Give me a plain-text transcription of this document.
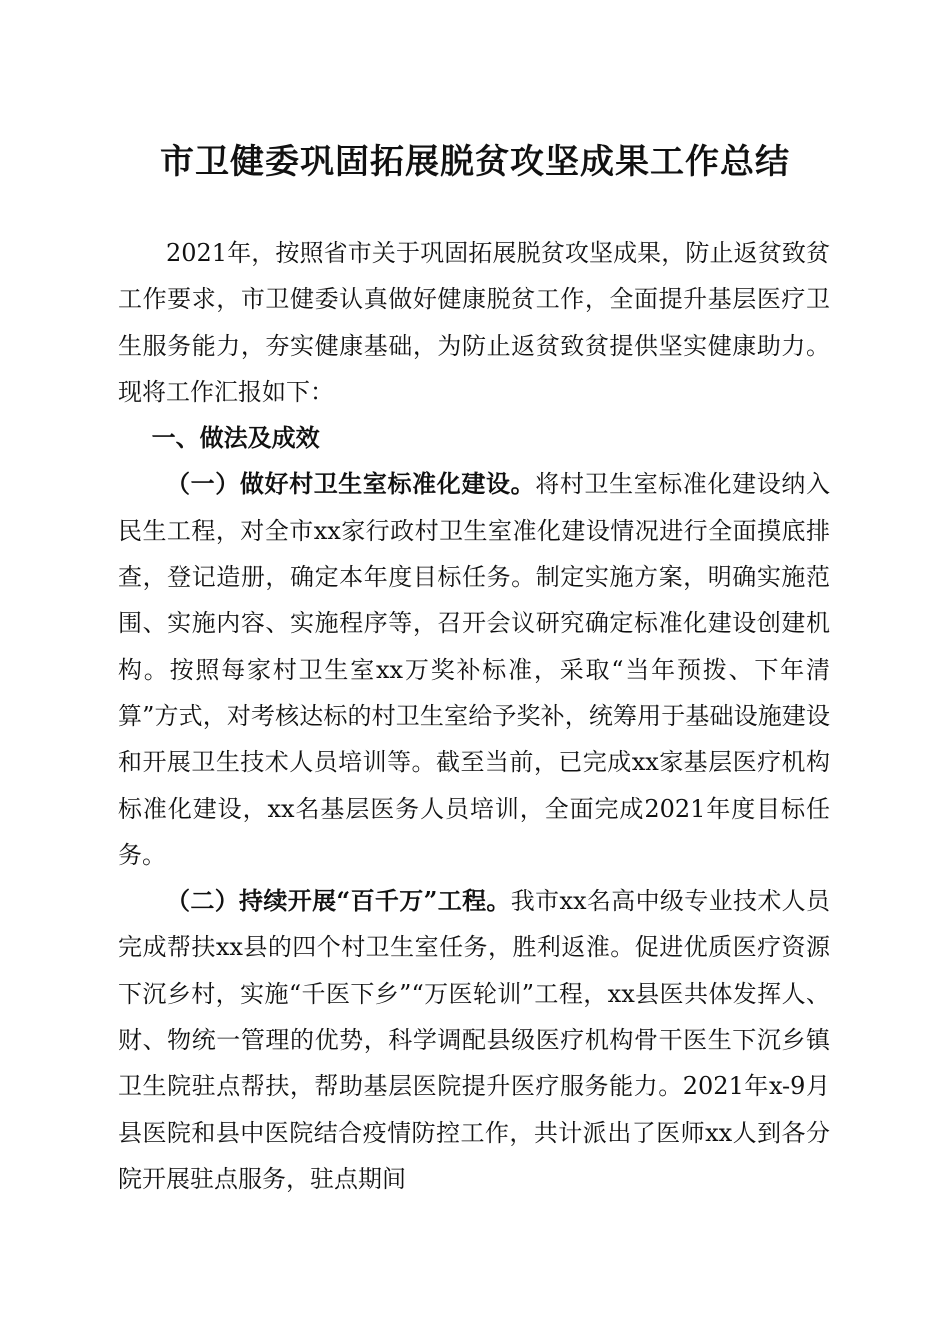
市卫健委巩固拓展脱贫攻坚成果工作总结

2021年，按照省市关于巩固拓展脱贫攻坚成果，防止返贫致贫工作要求，市卫健委认真做好健康脱贫工作，全面提升基层医疗卫生服务能力，夯实健康基础，为防止返贫致贫提供坚实健康助力。现将工作汇报如下：

一、做法及成效

（一）做好村卫生室标准化建设。将村卫生室标准化建设纳入民生工程，对全市xx家行政村卫生室准化建设情况进行全面摸底排查，登记造册，确定本年度目标任务。制定实施方案，明确实施范围、实施内容、实施程序等，召开会议研究确定标准化建设创建机构。按照每家村卫生室xx万奖补标准，采取“当年预拨、下年清算”方式，对考核达标的村卫生室给予奖补，统筹用于基础设施建设和开展卫生技术人员培训等。截至当前，已完成xx家基层医疗机构标准化建设，xx名基层医务人员培训，全面完成2021年度目标任务。

（二）持续开展“百千万”工程。我市xx名高中级专业技术人员完成帮扶xx县的四个村卫生室任务，胜利返淮。促进优质医疗资源下沉乡村，实施“千医下乡”“万医轮训”工程，xx县医共体发挥人、财、物统一管理的优势，科学调配县级医疗机构骨干医生下沉乡镇卫生院驻点帮扶，帮助基层医院提升医疗服务能力。2021年x-9月县医院和县中医院结合疫情防控工作，共计派出了医师xx人到各分院开展驻点服务，驻点期间
